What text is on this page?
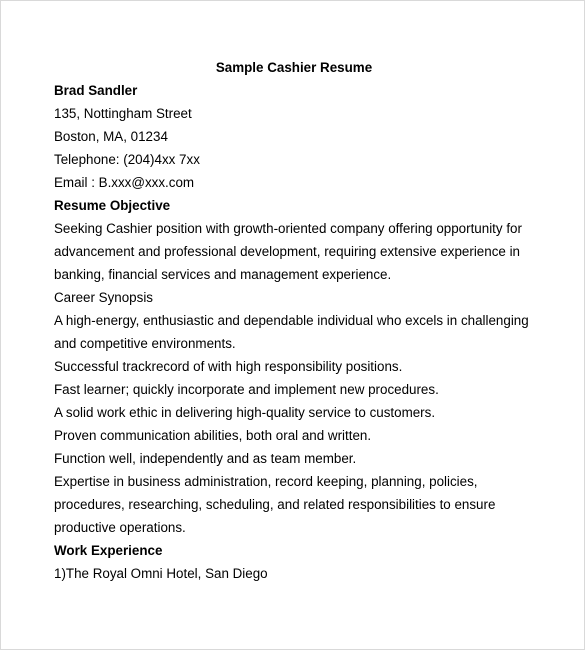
Sample Cashier Resume
Brad Sandler
135, Nottingham Street
Boston, MA, 01234
Telephone: (204)4xx 7xx
Email : B.xxx@xxx.com
Resume Objective
Seeking Cashier position with growth-oriented company offering opportunity for
advancement and professional development, requiring extensive experience in
banking, financial services and management experience.
Career Synopsis
A high-energy, enthusiastic and dependable individual who excels in challenging
and competitive environments.
Successful trackrecord of with high responsibility positions.
Fast learner; quickly incorporate and implement new procedures.
A solid work ethic in delivering high-quality service to customers.
Proven communication abilities, both oral and written.
Function well, independently and as team member.
Expertise in business administration, record keeping, planning, policies,
procedures, researching, scheduling, and related responsibilities to ensure
productive operations.
Work Experience
1)The Royal Omni Hotel, San Diego
